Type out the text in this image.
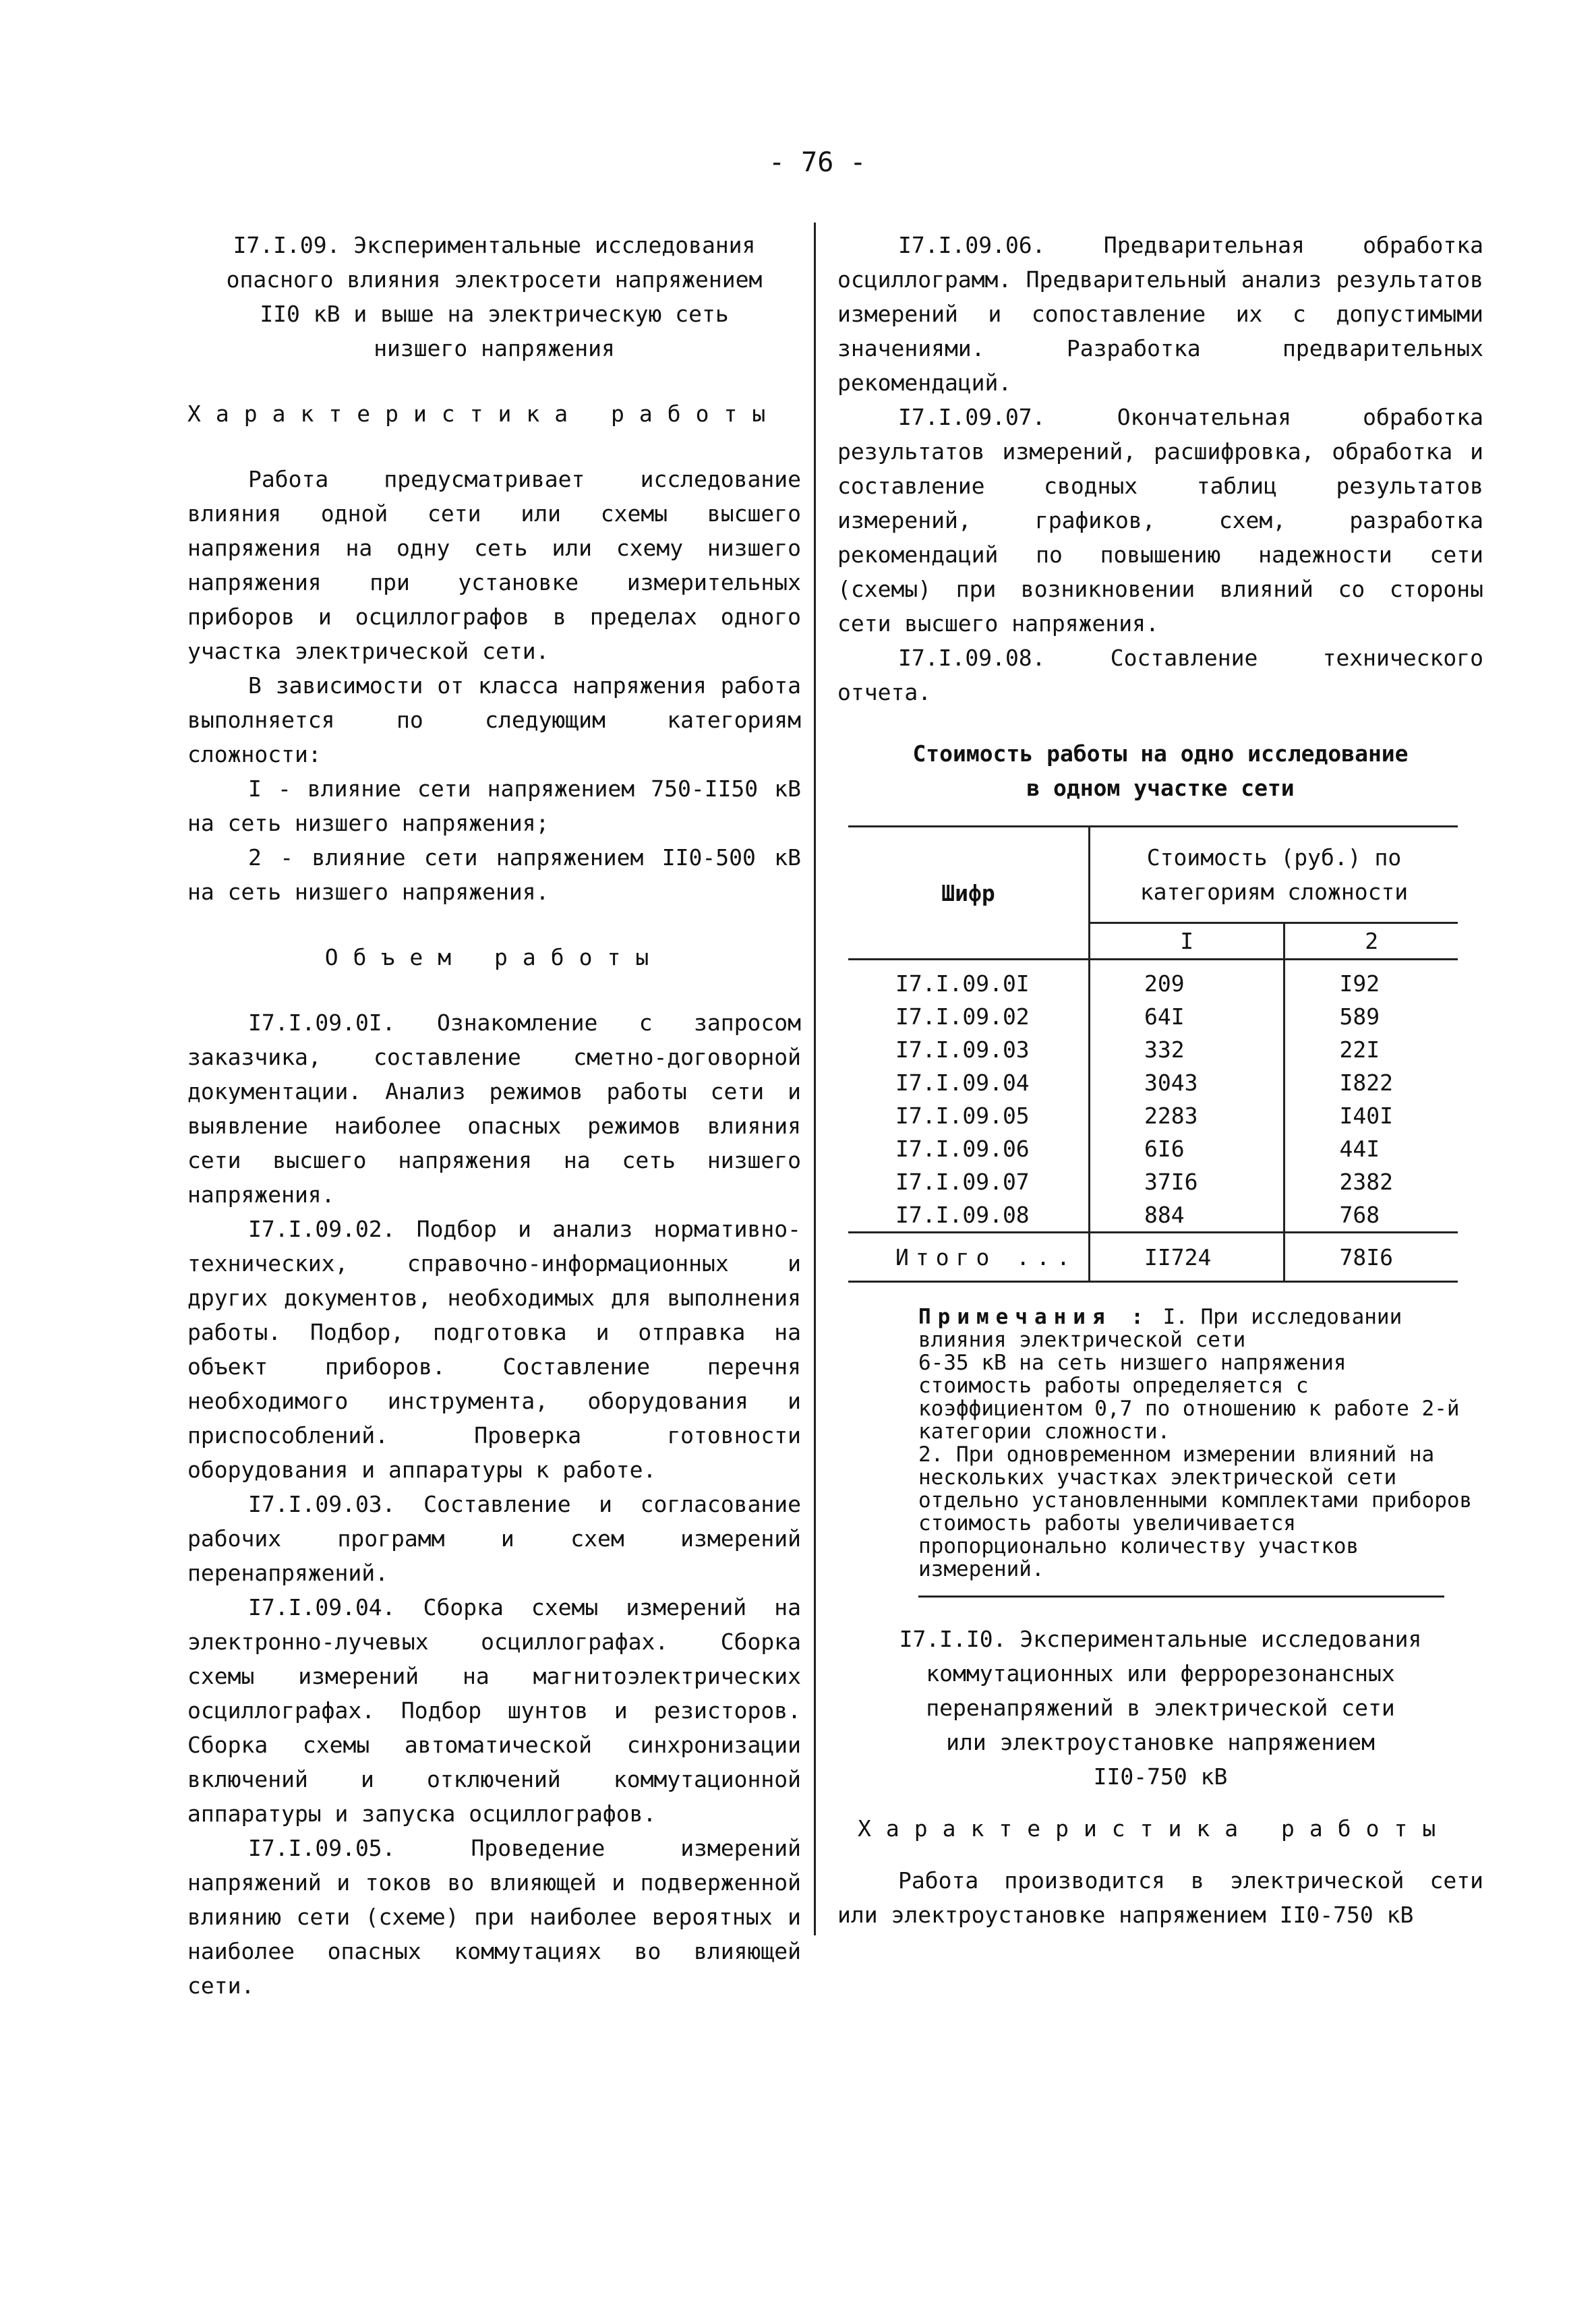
- 76 -

I7.I.09. Экспериментальные исследования
опасного влияния электросети напряжением
II0 кВ и выше на электрическую сеть
низшего напряжения

Характеристика работы

Работа предусматривает исследование влияния одной сети или схемы высшего напряжения на одну сеть или схему низшего напряжения при установке измерительных приборов и осциллографов в пределах одного участка электрической сети.

В зависимости от класса напряжения работа выполняется по следующим категориям сложности:

I - влияние сети напряжением 750-II50 кВ на сеть низшего напряжения;

2 - влияние сети напряжением II0-500 кВ на сеть низшего напряжения.

Объем работы

I7.I.09.0I. Ознакомление с запросом заказчика, составление сметно-договорной документации. Анализ режимов работы сети и выявление наиболее опасных режимов влияния сети высшего напряжения на сеть низшего напряжения.

I7.I.09.02. Подбор и анализ нормативно-технических, справочно-информационных и других документов, необходимых для выполнения работы. Подбор, подготовка и отправка на объект приборов. Составление перечня необходимого инструмента, оборудования и приспособлений. Проверка готовности оборудования и аппаратуры к работе.

I7.I.09.03. Составление и согласование рабочих программ и схем измерений перенапряжений.

I7.I.09.04. Сборка схемы измерений на электронно-лучевых осциллографах. Сборка схемы измерений на магнитоэлектрических осциллографах. Подбор шунтов и резисторов. Сборка схемы автоматической синхронизации включений и отключений коммутационной аппаратуры и запуска осциллографов.

I7.I.09.05. Проведение измерений напряжений и токов во влияющей и подверженной влиянию сети (схеме) при наиболее вероятных и наиболее опасных коммутациях во влияющей сети.

I7.I.09.06. Предварительная обработка осциллограмм. Предварительный анализ результатов измерений и сопоставление их с допустимыми значениями. Разработка предварительных рекомендаций.

I7.I.09.07. Окончательная обработка результатов измерений, расшифровка, обработка и составление сводных таблиц результатов измерений, графиков, схем, разработка рекомендаций по повышению надежности сети (схемы) при возникновении влияний со стороны сети высшего напряжения.

I7.I.09.08. Составление технического отчета.

Стоимость работы на одно исследование
в одном участке сети

Шифр	Стоимость (руб.) по категориям сложности	
	I	2
I7.I.09.0I	209	I92
I7.I.09.02	64I	589
I7.I.09.03	332	22I
I7.I.09.04	3043	I822
I7.I.09.05	2283	I40I
I7.I.09.06	6I6	44I
I7.I.09.07	37I6	2382
I7.I.09.08	884	768
Итого ...	II724	78I6
Примечания : I. При исследовании влияния электрической сети
6-35 кВ на сеть низшего напряжения
стоимость работы определяется с коэффициентом 0,7 по отношению к работе 2-й категории сложности.
2. При одновременном измерении влияний на нескольких участках электрической сети отдельно установленными комплектами приборов стоимость работы увеличивается пропорционально количеству участков измерений.

I7.I.I0. Экспериментальные исследования
коммутационных или феррорезонансных
перенапряжений в электрической сети
или электроустановке напряжением
II0-750 кВ

Характеристика работы

Работа производится в электрической сети или электроустановке напряжением II0-750 кВ
